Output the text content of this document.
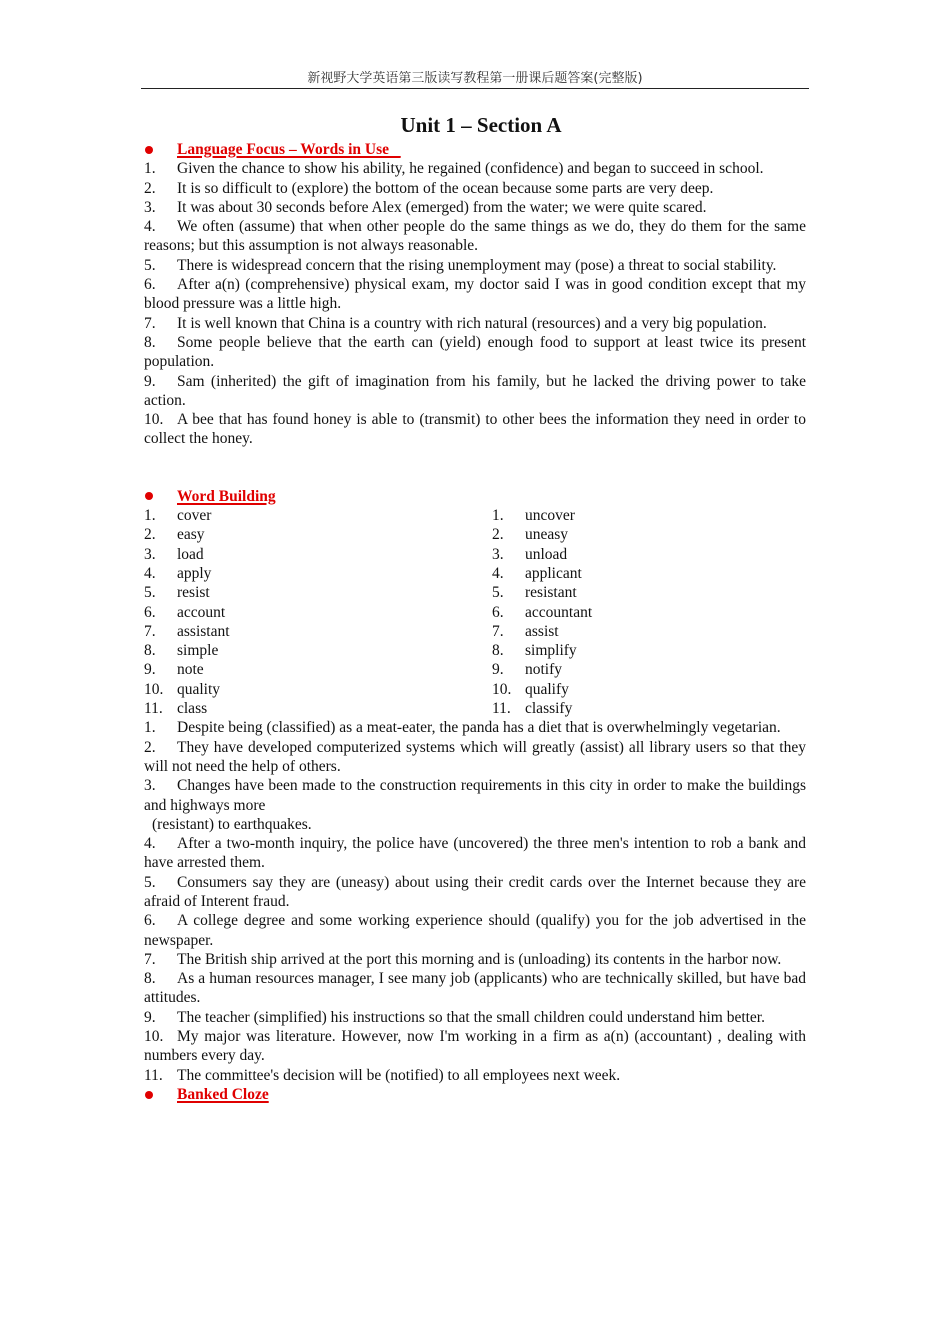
新视野大学英语第三版读写教程第一册课后题答案(完整版)
Unit 1 – Section A
Language Focus – Words in Use
1. Given the chance to show his ability, he regained (confidence) and began to succeed in school.
2. It is so difficult to (explore) the bottom of the ocean because some parts are very deep.
3. It was about 30 seconds before Alex (emerged) from the water; we were quite scared.
4. We often (assume) that when other people do the same things as we do, they do them for the same reasons; but this assumption is not always reasonable.
5. There is widespread concern that the rising unemployment may (pose) a threat to social stability.
6. After a(n) (comprehensive) physical exam, my doctor said I was in good condition except that my blood pressure was a little high.
7. It is well known that China is a country with rich natural (resources) and a very big population.
8. Some people believe that the earth can (yield) enough food to support at least twice its present population.
9. Sam (inherited) the gift of imagination from his family, but he lacked the driving power to take action.
10. A bee that has found honey is able to (transmit) to other bees the information they need in order to collect the honey.
Word Building
1.	cover	1.	uncover
2.	easy	2.	uneasy
3.	load	3.	unload
4.	apply	4.	applicant
5.	resist	5.	resistant
6.	account	6.	accountant
7.	assistant	7.	assist
8.	simple	8.	simplify
9.	note	9.	notify
10.	quality	10.	qualify
11.	class	11.	classify
1. Despite being (classified) as a meat-eater, the panda has a diet that is overwhelmingly vegetarian.
2. They have developed computerized systems which will greatly (assist) all library users so that they will not need the help of others.
3. Changes have been made to the construction requirements in this city in order to make the buildings and highways more
(resistant) to earthquakes.
4. After a two-month inquiry, the police have (uncovered) the three men's intention to rob a bank and have arrested them.
5. Consumers say they are (uneasy) about using their credit cards over the Internet because they are afraid of Interent fraud.
6. A college degree and some working experience should (qualify) you for the job advertised in the newspaper.
7. The British ship arrived at the port this morning and is (unloading) its contents in the harbor now.
8. As a human resources manager, I see many job (applicants) who are technically skilled, but have bad attitudes.
9. The teacher (simplified) his instructions so that the small children could understand him better.
10. My major was literature. However, now I'm working in a firm as a(n) (accountant) , dealing with numbers every day.
11. The committee's decision will be (notified) to all employees next week.
Banked Cloze
